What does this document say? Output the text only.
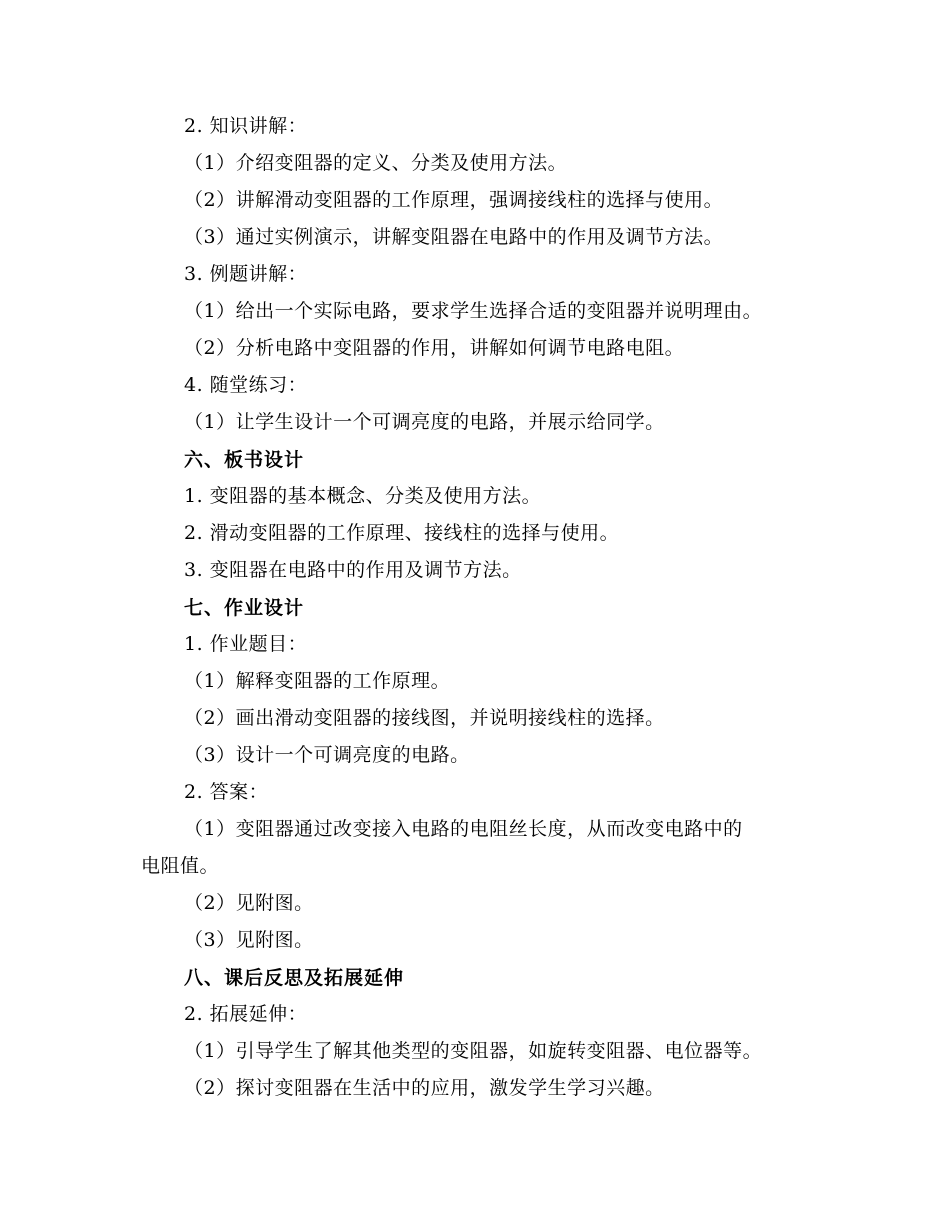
2. 知识讲解：
（1）介绍变阻器的定义、分类及使用方法。
（2）讲解滑动变阻器的工作原理，强调接线柱的选择与使用。
（3）通过实例演示，讲解变阻器在电路中的作用及调节方法。
3. 例题讲解：
（1）给出一个实际电路，要求学生选择合适的变阻器并说明理由。
（2）分析电路中变阻器的作用，讲解如何调节电路电阻。
4. 随堂练习：
（1）让学生设计一个可调亮度的电路，并展示给同学。
六、板书设计
1. 变阻器的基本概念、分类及使用方法。
2. 滑动变阻器的工作原理、接线柱的选择与使用。
3. 变阻器在电路中的作用及调节方法。
七、作业设计
1. 作业题目：
（1）解释变阻器的工作原理。
（2）画出滑动变阻器的接线图，并说明接线柱的选择。
（3）设计一个可调亮度的电路。
2. 答案：
（1）变阻器通过改变接入电路的电阻丝长度，从而改变电路中的
电阻值。
（2）见附图。
（3）见附图。
八、课后反思及拓展延伸
2. 拓展延伸：
（1）引导学生了解其他类型的变阻器，如旋转变阻器、电位器等。
（2）探讨变阻器在生活中的应用，激发学生学习兴趣。
